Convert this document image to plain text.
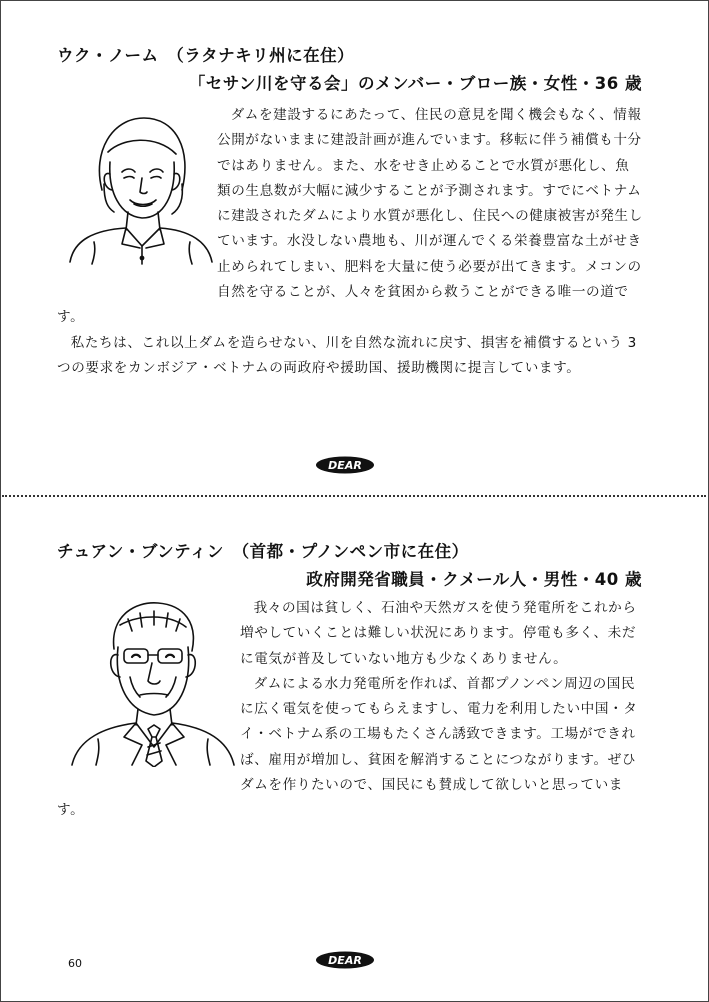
ウク・ノーム　（ラタナキリ州に在住）
「セサン川を守る会」のメンバー・ブロー族・女性・36 歳

ダムを建設するにあたって、住民の意見を聞く機会もなく、情報公開がないままに建設計画が進んでいます。移転に伴う補償も十分ではありません。また、水をせき止めることで水質が悪化し、魚類の生息数が大幅に減少することが予測されます。すでにベトナムに建設されたダムにより水質が悪化し、住民への健康被害が発生しています。水没しない農地も、川が運んでくる栄養豊富な土がせき止められてしまい、肥料を大量に使う必要が出てきます。メコンの自然を守ることが、人々を貧困から救うことができる唯一の道です。

私たちは、これ以上ダムを造らせない、川を自然な流れに戻す、損害を補償するという 3 つの要求をカンボジア・ベトナムの両政府や援助国、援助機関に提言しています。

DEAR
チュアン・ブンティン　（首都・プノンペン市に在住）
政府開発省職員・クメール人・男性・40 歳

我々の国は貧しく、石油や天然ガスを使う発電所をこれから増やしていくことは難しい状況にあります。停電も多く、未だに電気が普及していない地方も少なくありません。

ダムによる水力発電所を作れば、首都プノンペン周辺の国民に広く電気を使ってもらえますし、電力を利用したい中国・タイ・ベトナム系の工場もたくさん誘致できます。工場ができれば、雇用が増加し、貧困を解消することにつながります。ぜひダムを作りたいので、国民にも賛成して欲しいと思っています。

DEAR
60
